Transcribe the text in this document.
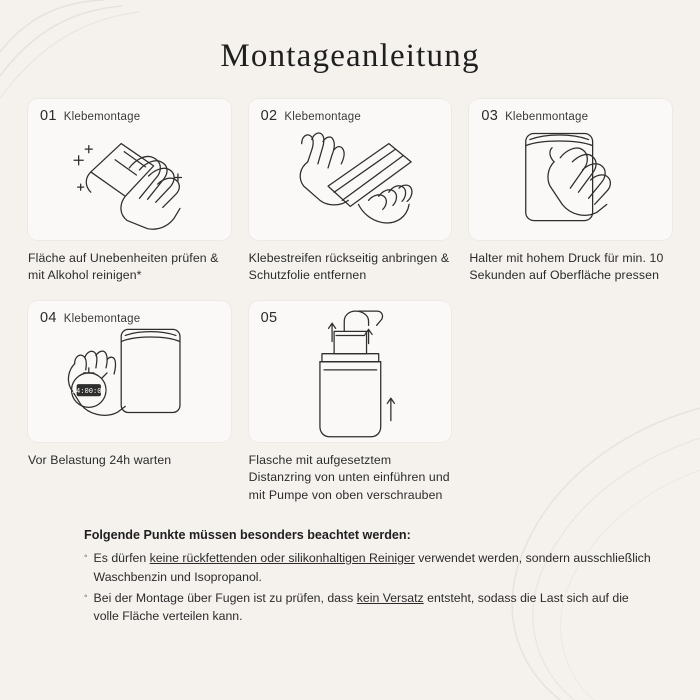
Montageanleitung
01 Klebemontage
Fläche auf Unebenheiten prüfen & mit Alkohol reinigen*
02 Klebemontage
Klebestreifen rückseitig anbringen & Schutzfolie entfernen
03 Klebenmontage
Halter mit hohem Druck für min. 10 Sekunden auf Oberfläche pressen
04 Klebemontage
24:00:00
Vor Belastung 24h warten
05
Flasche mit aufgesetztem Distanzring von unten einführen und mit Pumpe von oben verschrauben
Folgende Punkte müssen besonders beachtet werden:
◦ Es dürfen keine rückfettenden oder silikonhaltigen Reiniger verwendet werden, sondern ausschließlich Waschbenzin und Isopropanol.
◦ Bei der Montage über Fugen ist zu prüfen, dass kein Versatz entsteht, sodass die Last sich auf die volle Fläche verteilen kann.
